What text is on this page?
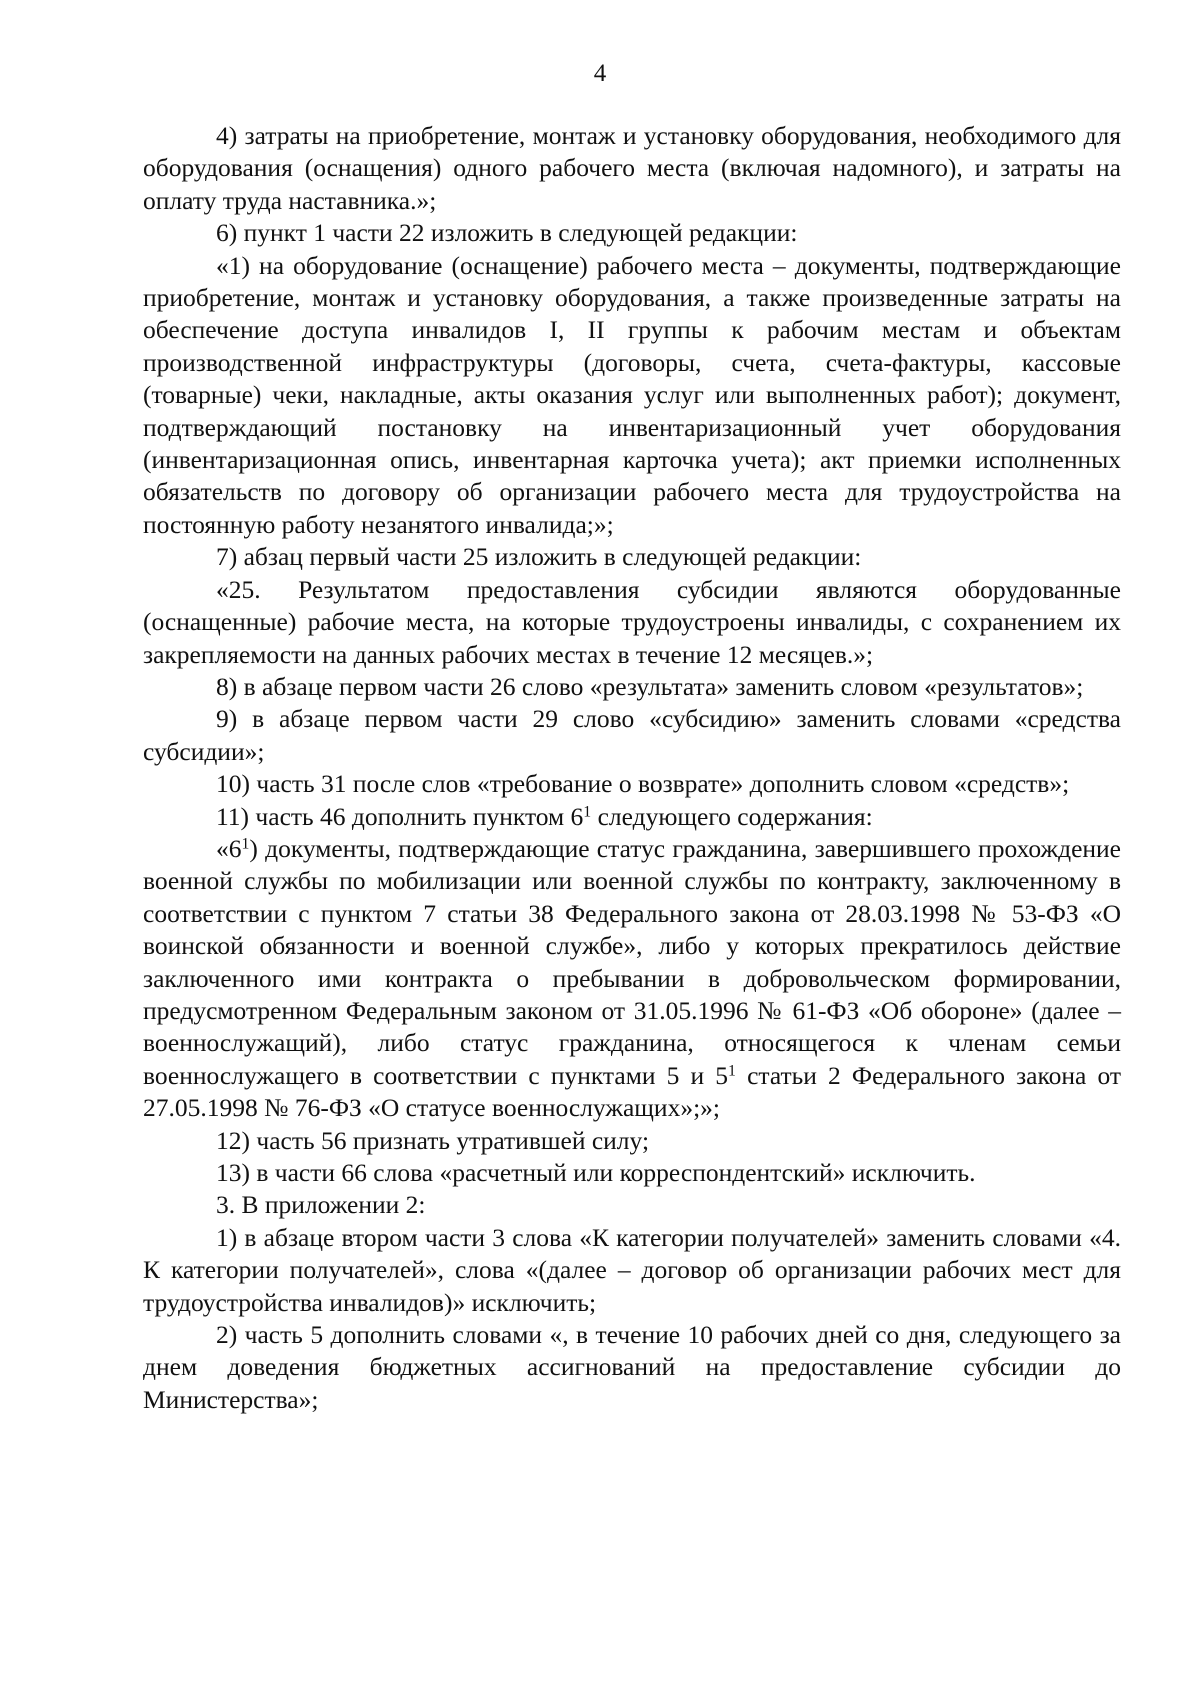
4

4) затраты на приобретение, монтаж и установку оборудования, необходимого для оборудования (оснащения) одного рабочего места (включая надомного), и затраты на оплату труда наставника.»;

6) пункт 1 части 22 изложить в следующей редакции:

«1) на оборудование (оснащение) рабочего места – документы, подтверждающие приобретение, монтаж и установку оборудования, а также произведенные затраты на обеспечение доступа инвалидов I, II группы к рабочим местам и объектам производственной инфраструктуры (договоры, счета, счета-фактуры, кассовые (товарные) чеки, накладные, акты оказания услуг или выполненных работ); документ, подтверждающий постановку на инвентаризационный учет оборудования (инвентаризационная опись, инвентарная карточка учета); акт приемки исполненных обязательств по договору об организации рабочего места для трудоустройства на постоянную работу незанятого инвалида;»;

7) абзац первый части 25 изложить в следующей редакции:

«25. Результатом предоставления субсидии являются оборудованные (оснащенные) рабочие места, на которые трудоустроены инвалиды, с сохранением их закрепляемости на данных рабочих местах в течение 12 месяцев.»;

8) в абзаце первом части 26 слово «результата» заменить словом «результатов»;

9) в абзаце первом части 29 слово «субсидию» заменить словами «средства субсидии»;

10) часть 31 после слов «требование о возврате» дополнить словом «средств»;

11) часть 46 дополнить пунктом $6^1$ следующего содержания:

«$6^1$) документы, подтверждающие статус гражданина, завершившего прохождение военной службы по мобилизации или военной службы по контракту, заключенному в соответствии с пунктом 7 статьи 38 Федерального закона от 28.03.1998 № 53-ФЗ «О воинской обязанности и военной службе», либо у которых прекратилось действие заключенного ими контракта о пребывании в добровольческом формировании, предусмотренном Федеральным законом от 31.05.1996 № 61-ФЗ «Об обороне» (далее – военнослужащий), либо статус гражданина, относящегося к членам семьи военнослужащего в соответствии с пунктами 5 и $5^1$ статьи 2 Федерального закона от 27.05.1998 № 76-ФЗ «О статусе военнослужащих»;»;

12) часть 56 признать утратившей силу;

13) в части 66 слова «расчетный или корреспондентский» исключить.

3. В приложении 2:

1) в абзаце втором части 3 слова «К категории получателей» заменить словами «4. К категории получателей», слова «(далее – договор об организации рабочих мест для трудоустройства инвалидов)» исключить;

2) часть 5 дополнить словами «, в течение 10 рабочих дней со дня, следующего за днем доведения бюджетных ассигнований на предоставление субсидии до Министерства»;
